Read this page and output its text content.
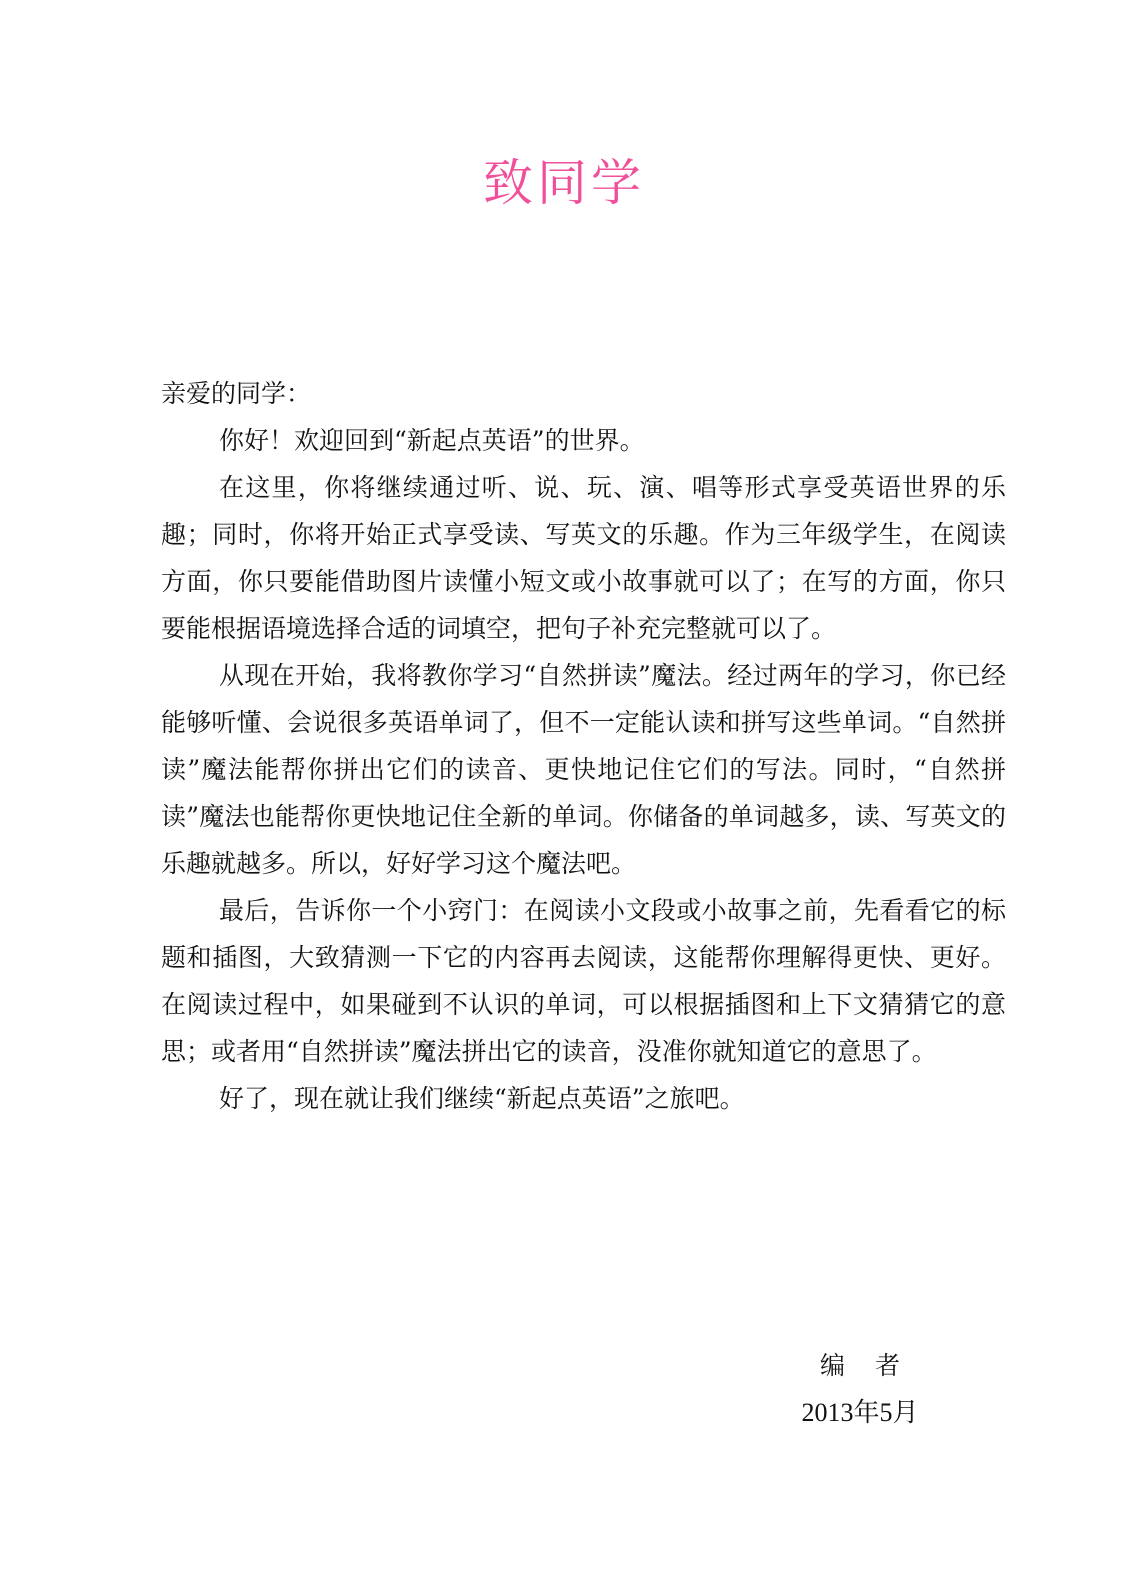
致同学

亲爱的同学：

你好！欢迎回到“新起点英语”的世界。

在这里，你将继续通过听、说、玩、演、唱等形式享受英语世界的乐趣；同时，你将开始正式享受读、写英文的乐趣。作为三年级学生，在阅读方面，你只要能借助图片读懂小短文或小故事就可以了；在写的方面，你只要能根据语境选择合适的词填空，把句子补充完整就可以了。

从现在开始，我将教你学习“自然拼读”魔法。经过两年的学习，你已经能够听懂、会说很多英语单词了，但不一定能认读和拼写这些单词。“自然拼读”魔法能帮你拼出它们的读音、更快地记住它们的写法。同时，“自然拼读”魔法也能帮你更快地记住全新的单词。你储备的单词越多，读、写英文的乐趣就越多。所以，好好学习这个魔法吧。

最后，告诉你一个小窍门：在阅读小文段或小故事之前，先看看它的标题和插图，大致猜测一下它的内容再去阅读，这能帮你理解得更快、更好。在阅读过程中，如果碰到不认识的单词，可以根据插图和上下文猜猜它的意思；或者用“自然拼读”魔法拼出它的读音，没准你就知道它的意思了。

好了，现在就让我们继续“新起点英语”之旅吧。

编者
2013年5月
